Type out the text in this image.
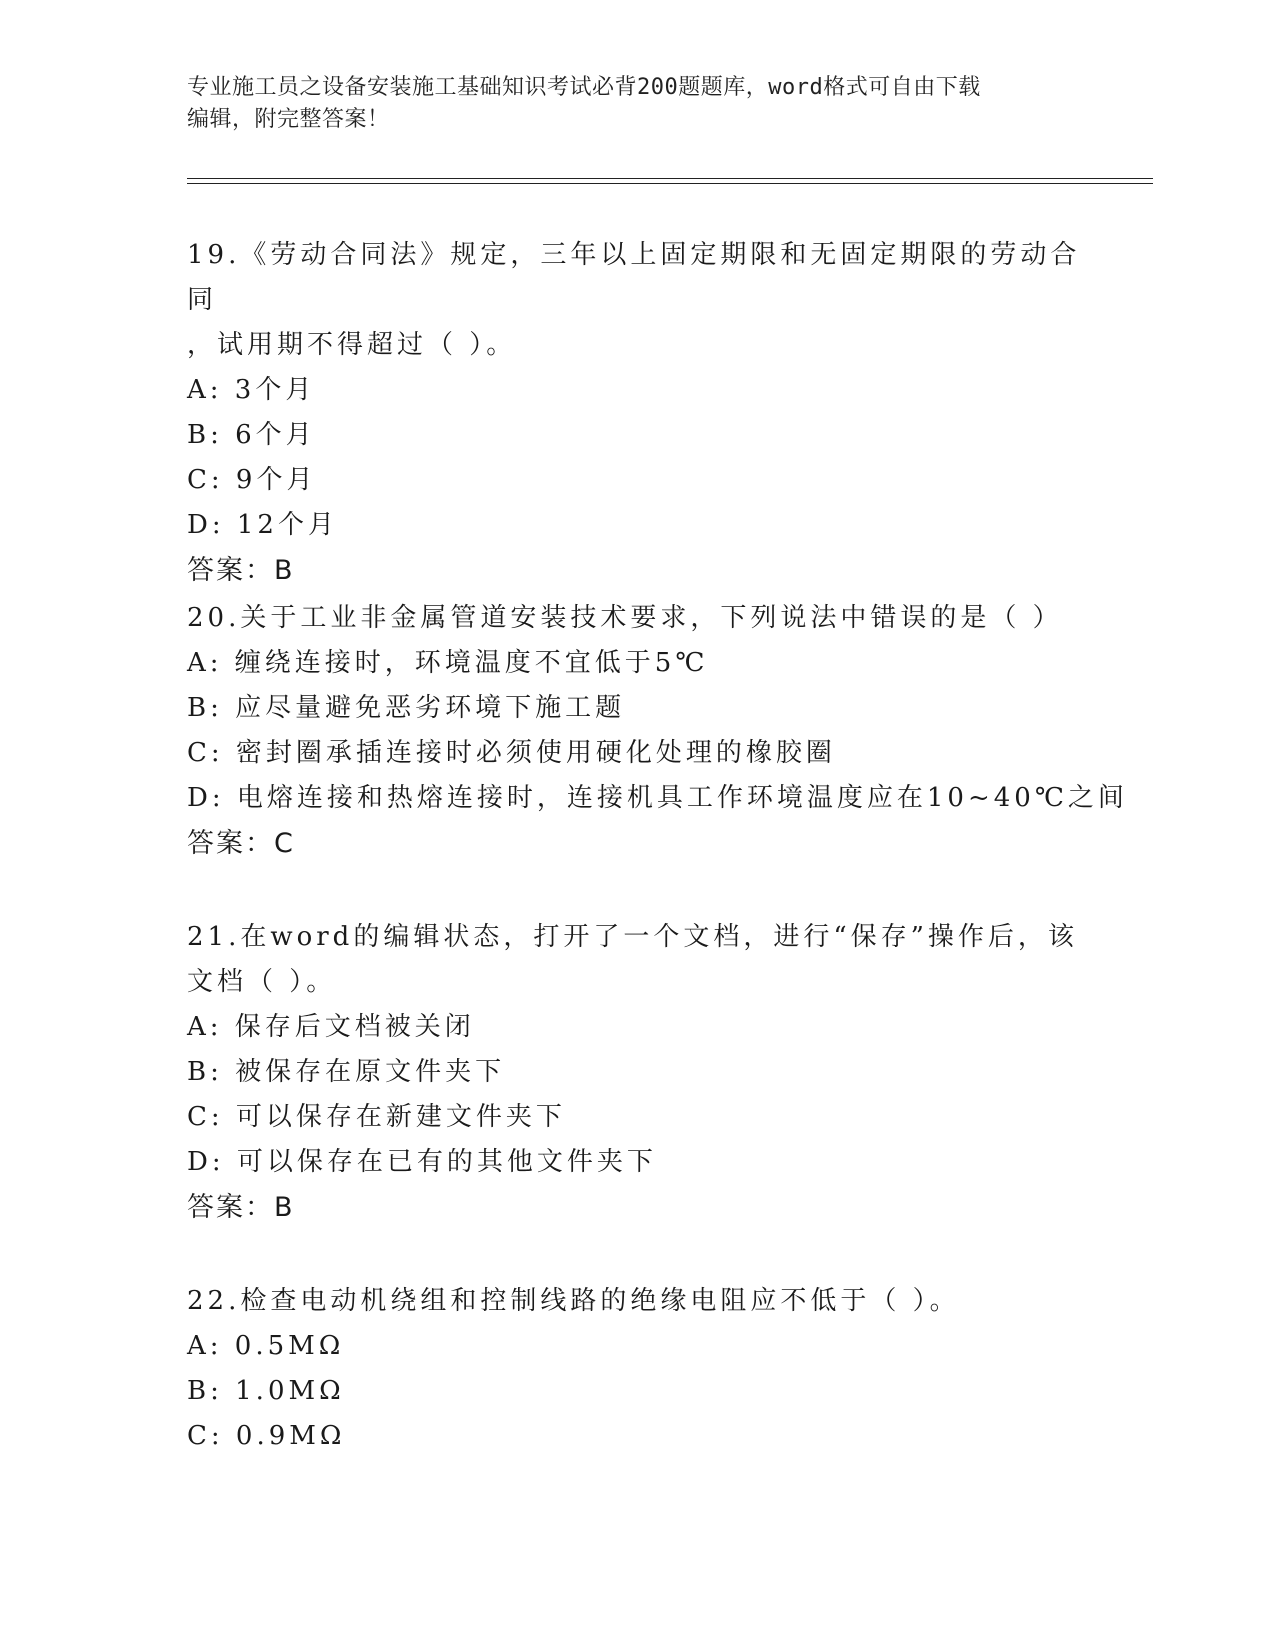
专业施工员之设备安装施工基础知识考试必背200题题库，word格式可自由下载
编辑，附完整答案！

19.《劳动合同法》规定，三年以上固定期限和无固定期限的劳动合同

，试用期不得超过（ ）。

A: 3个月

B: 6个月

C: 9个月

D: 12个月

答案：B

20.关于工业非金属管道安装技术要求，下列说法中错误的是（ ）

A: 缠绕连接时，环境温度不宜低于5℃

B: 应尽量避免恶劣环境下施工题

C: 密封圈承插连接时必须使用硬化处理的橡胶圈

D: 电熔连接和热熔连接时，连接机具工作环境温度应在10~40℃之间

答案：C

21.在word的编辑状态，打开了一个文档，进行“保存”操作后，该

文档（ ）。

A: 保存后文档被关闭

B: 被保存在原文件夹下

C: 可以保存在新建文件夹下

D: 可以保存在已有的其他文件夹下

答案：B

22.检查电动机绕组和控制线路的绝缘电阻应不低于（ ）。

A: 0.5MΩ

B: 1.0MΩ

C: 0.9MΩ
